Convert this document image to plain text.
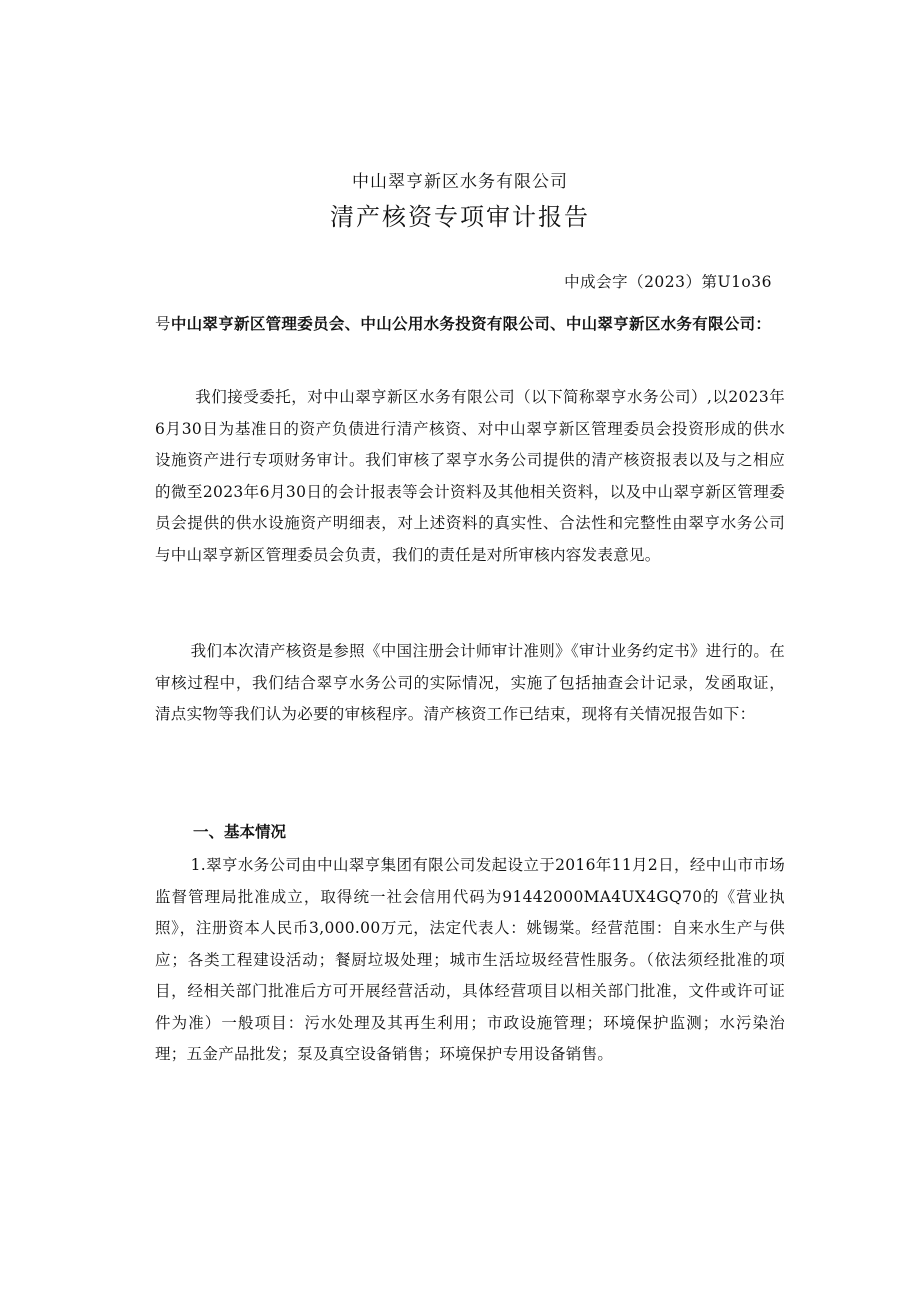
中山翠亨新区水务有限公司
清产核资专项审计报告
中成会字（2023）第U1o36
号中山翠亨新区管理委员会、中山公用水务投资有限公司、中山翠亨新区水务有限公司：
我们接受委托，对中山翠亨新区水务有限公司（以下简称翠亨水务公司）,以2023年6月30日为基准日的资产负债进行清产核资、对中山翠亨新区管理委员会投资形成的供水设施资产进行专项财务审计。我们审核了翠亨水务公司提供的清产核资报表以及与之相应的微至2023年6月30日的会计报表等会计资料及其他相关资料，以及中山翠亨新区管理委员会提供的供水设施资产明细表，对上述资料的真实性、合法性和完整性由翠亨水务公司与中山翠亨新区管理委员会负责，我们的责任是对所审核内容发表意见。
我们本次清产核资是参照《中国注册会计师审计准则》《审计业务约定书》进行的。在审核过程中，我们结合翠亨水务公司的实际情况，实施了包括抽查会计记录，发函取证，清点实物等我们认为必要的审核程序。清产核资工作已结束，现将有关情况报告如下：
一、基本情况
1.翠亨水务公司由中山翠亨集团有限公司发起设立于2016年11月2日，经中山市市场监督管理局批准成立，取得统一社会信用代码为91442000MA4UX4GQ70的《营业执照》，注册资本人民币3,000.00万元，法定代表人：姚锡棠。经营范围：自来水生产与供应；各类工程建设活动；餐厨垃圾处理；城市生活垃圾经营性服务。（依法须经批准的项目，经相关部门批准后方可开展经营活动，具体经营项目以相关部门批准，文件或许可证件为准）一般项目：污水处理及其再生利用；市政设施管理；环境保护监测；水污染治理；五金产品批发；泵及真空设备销售；环境保护专用设备销售。
